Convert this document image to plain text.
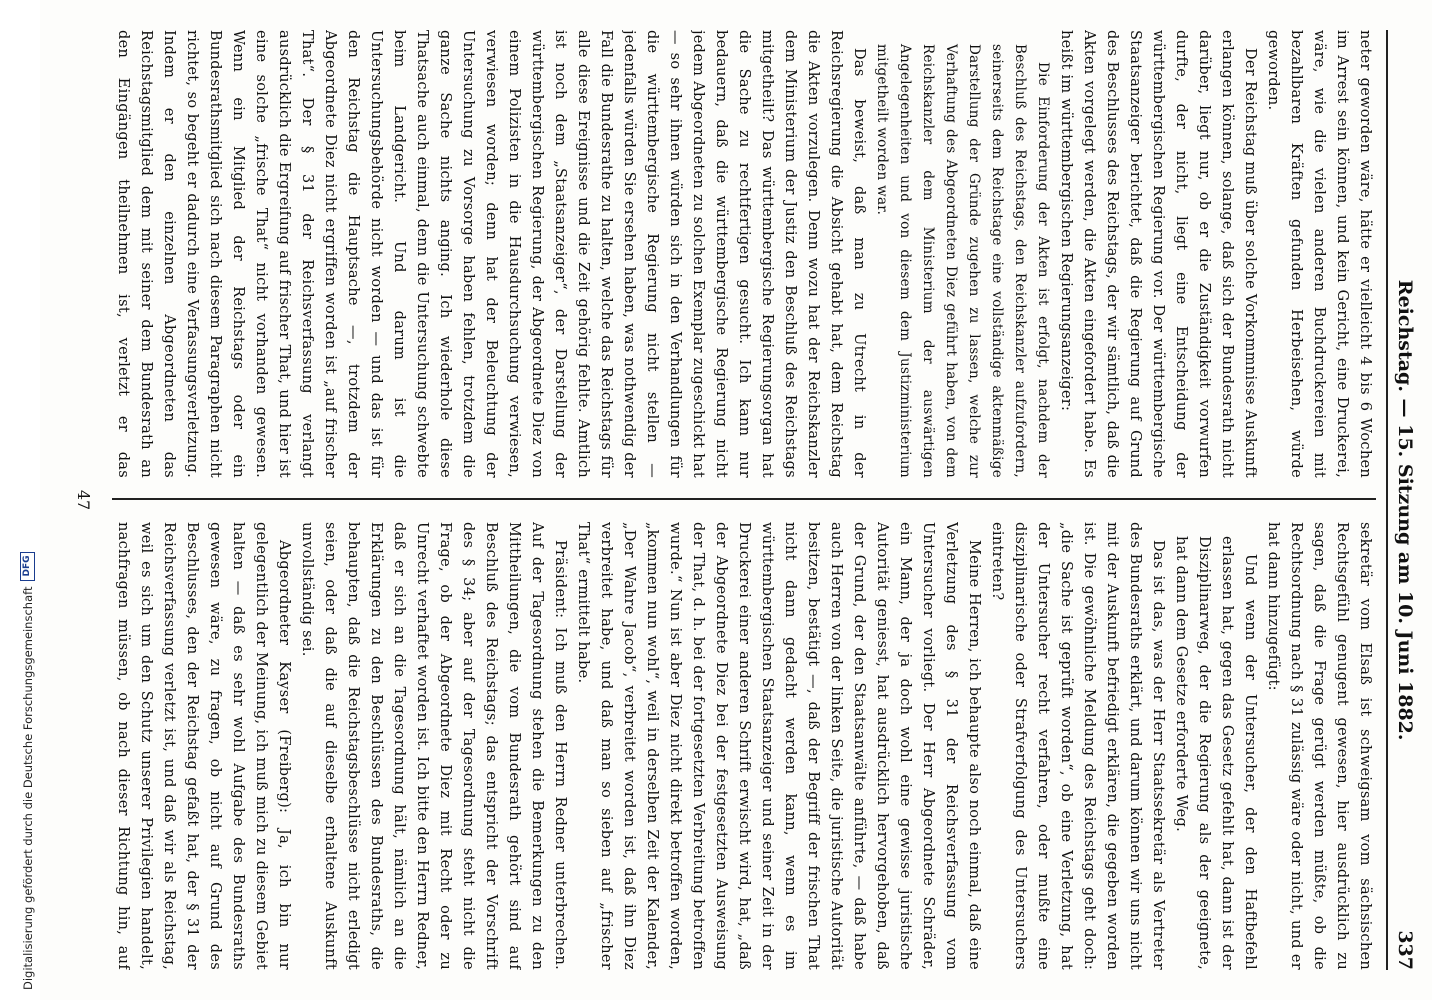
Reichstag. — 15. Sitzung am 10. Juni 1882.
337

neter geworden wäre, hätte er vielleicht 4 bis 6 Wochen im Arrest sein können, und kein Gericht, eine Druckerei, wäre, wie die vielen anderen Buchdruckereien mit bezahlbaren Kräften gefunden Herbeisehen, würde geworden.

Der Reichstag muß über solche Vorkommnisse Auskunft erlangen können, solange, daß sich der Bundesrath nicht darüber, liegt nur, ob er die Zuständigkeit vorwurfen durfte, der nicht, liegt eine Entscheidung der württembergischen Regierung vor. Der württembergische Staatsanzeiger berichtet, daß die Regierung auf Grund des Beschlusses des Reichstags, der wir sämtlich, daß die Akten vorgelegt werden, die Akten eingefordert habe. Es heißt im württembergischen Regierungsanzeiger:

Die Einforderung der Akten ist erfolgt, nachdem der Beschluß des Reichstags, den Reichskanzler aufzufordern, seinerseits dem Reichstage eine vollständige aktenmäßige Darstellung der Gründe zugehen zu lassen, welche zur Verhaftung des Abgeordneten Diez geführt haben, von dem Reichskanzler dem Ministerium der auswärtigen Angelegenheiten und von diesem dem Justizministerium mitgetheilt worden war.

Das beweist, daß man zu Utrecht in der Reichsregierung die Absicht gehabt hat, dem Reichstag die Akten vorzulegen. Denn wozu hat der Reichskanzler dem Ministerium der Justiz den Beschluß des Reichstags mitgetheilt? Das württembergische Regierungsorgan hat die Sache zu rechtfertigen gesucht. Ich kann nur bedauern, daß die württembergische Regierung nicht jedem Abgeordneten zu solchen Exemplar zugeschickt hat — so sehr ihnen würden sich in den Verhandlungen für die württembergische Regierung nicht stellen — jedenfalls würden Sie ersehen haben, was nothwendig der Fall die Bundesrathe zu halten, welche das Reichstags für alle diese Ereignisse und die Zeit gehörig fehlte. Amtlich ist noch dem „Staatsanzeiger“, der Darstellung der württembergischen Regierung, der Abgeordnete Diez von einem Polizisten in die Hausdurchsuchung verwiesen, verwiesen worden; denn hat der Beleuchtung der Untersuchung zu Vorsorge haben fehlen, trotzdem die ganze Sache nichts anging. Ich wiederhole diese Thatsache auch einmal, denn die Untersuchung schwebte beim Landgericht. Und darum ist die Untersuchungsbehörde nicht worden — und das ist für den Reichstag die Hauptsache —, trotzdem der Abgeordnete Diez nicht ergriffen worden ist „auf frischer That“. Der § 31 der Reichsverfassung verlangt ausdrücklich die Ergreifung auf frischer That, und hier ist eine solche „frische That“ nicht vorhanden gewesen. Wenn ein Mitglied der Reichstags oder ein Bundesrathsmitglied sich nach diesem Paragraphen nicht richtet, so begeht er dadurch eine Verfassungsverletzung. Indem er den einzelnen Abgeordneten das Reichstagsmitglied dem mit seiner dem Bundesrath an den Eingängen theilnehmen ist, verletzt er das

sekretär vom Elsaß ist schweigsam vom sächsischen Rechtsgefühl genugent gewesen, hier ausdrücklich zu sagen, daß die Frage gerügt werden müßte, ob die Rechtsordnung nach § 31 zulässig wäre oder nicht, und er hat dann hinzugefügt:

Und wenn der Untersucher, der den Haftbefehl erlassen hat, gegen das Gesetz gefehlt hat, dann ist der Disziplinarweg, der die Regierung als der geeignete, hat dann dem Gesetze erforderte Weg.

Das ist das, was der Herr Staatssekretär als Vertreter des Bundesraths erklärt, und darum können wir uns nicht mit der Auskunft befriedigt erklären, die gegeben worden ist. Die gewöhnliche Meldung des Reichstags geht doch: „die Sache ist geprüft worden“, ob eine Verletzung, hat der Untersucher recht verfahren, oder mußte eine disziplinarische oder Strafverfolgung des Untersuchers eintreten?

Meine Herren, ich behaupte also noch einmal, daß eine Verletzung des § 31 der Reichsverfassung vom Untersucher vorliegt. Der Herr Abgeordnete Schräder, ein Mann, der ja doch wohl eine gewisse juristische Autorität geniesst, hat ausdrücklich hervorgehoben, daß der Grund, der den Staatsanwälte anführte, — daß habe auch Herren von der linken Seite, die juristische Autorität besitzen, bestätigt —, daß der Begriff der frischen That nicht dann gedacht werden kann, wenn es im württembergischen Staatsanzeiger und seiner Zeit in der Druckerei einer anderen Schrift erwischt wird, hat, „daß der Abgeordnete Diez bei der festgesetzten Ausweisung der That, d. h. bei der fortgesetzten Verbreitung betroffen wurde.“ Nun ist aber Diez nicht direkt betroffen worden, „kommen nun wohl“, weil in derselben Zeit der Kalender, „Der Wahre Jacob“, verbreitet worden ist, daß ihn Diez verbreitet habe, und daß man so sieben auf „frischer That“ ermittelt habe.

Präsident: Ich muß den Herrn Redner unterbrechen. Auf der Tagesordnung stehen die Bemerkungen zu den Mittheilungen, die vom Bundesrath gehört sind auf Beschluß des Reichstags; das entspricht der Vorschrift des § 34; aber auf der Tagesordnung steht nicht die Frage, ob der Abgeordnete Diez mit Recht oder zu Unrecht verhaftet worden ist. Ich bitte den Herrn Redner, daß er sich an die Tagesordnung hält, nämlich an die Erklärungen zu den Beschlüssen des Bundesraths, die behaupten, daß die Reichstagsbeschlüsse nicht erledigt seien, oder daß die auf dieselbe erhaltene Auskunft unvollständig sei.

Abgeordneter Kayser (Freiberg): Ja, ich bin nur gelegentlich der Meinung, ich muß mich zu diesem Gebiet halten — daß es sehr wohl Aufgabe des Bundesraths gewesen wäre, zu fragen, ob nicht auf Grund des Beschlusses, den der Reichstag gefaßt hat, der § 31 der Reichsverfassung verletzt ist, und daß wir als Reichstag, weil es sich um den Schutz unserer Privilegien handelt, nachfragen müssen, ob nach dieser Richtung hin, auf

47
Digitalisierung gefördert durch die Deutsche Forschungsgemeinschaft
DFG
